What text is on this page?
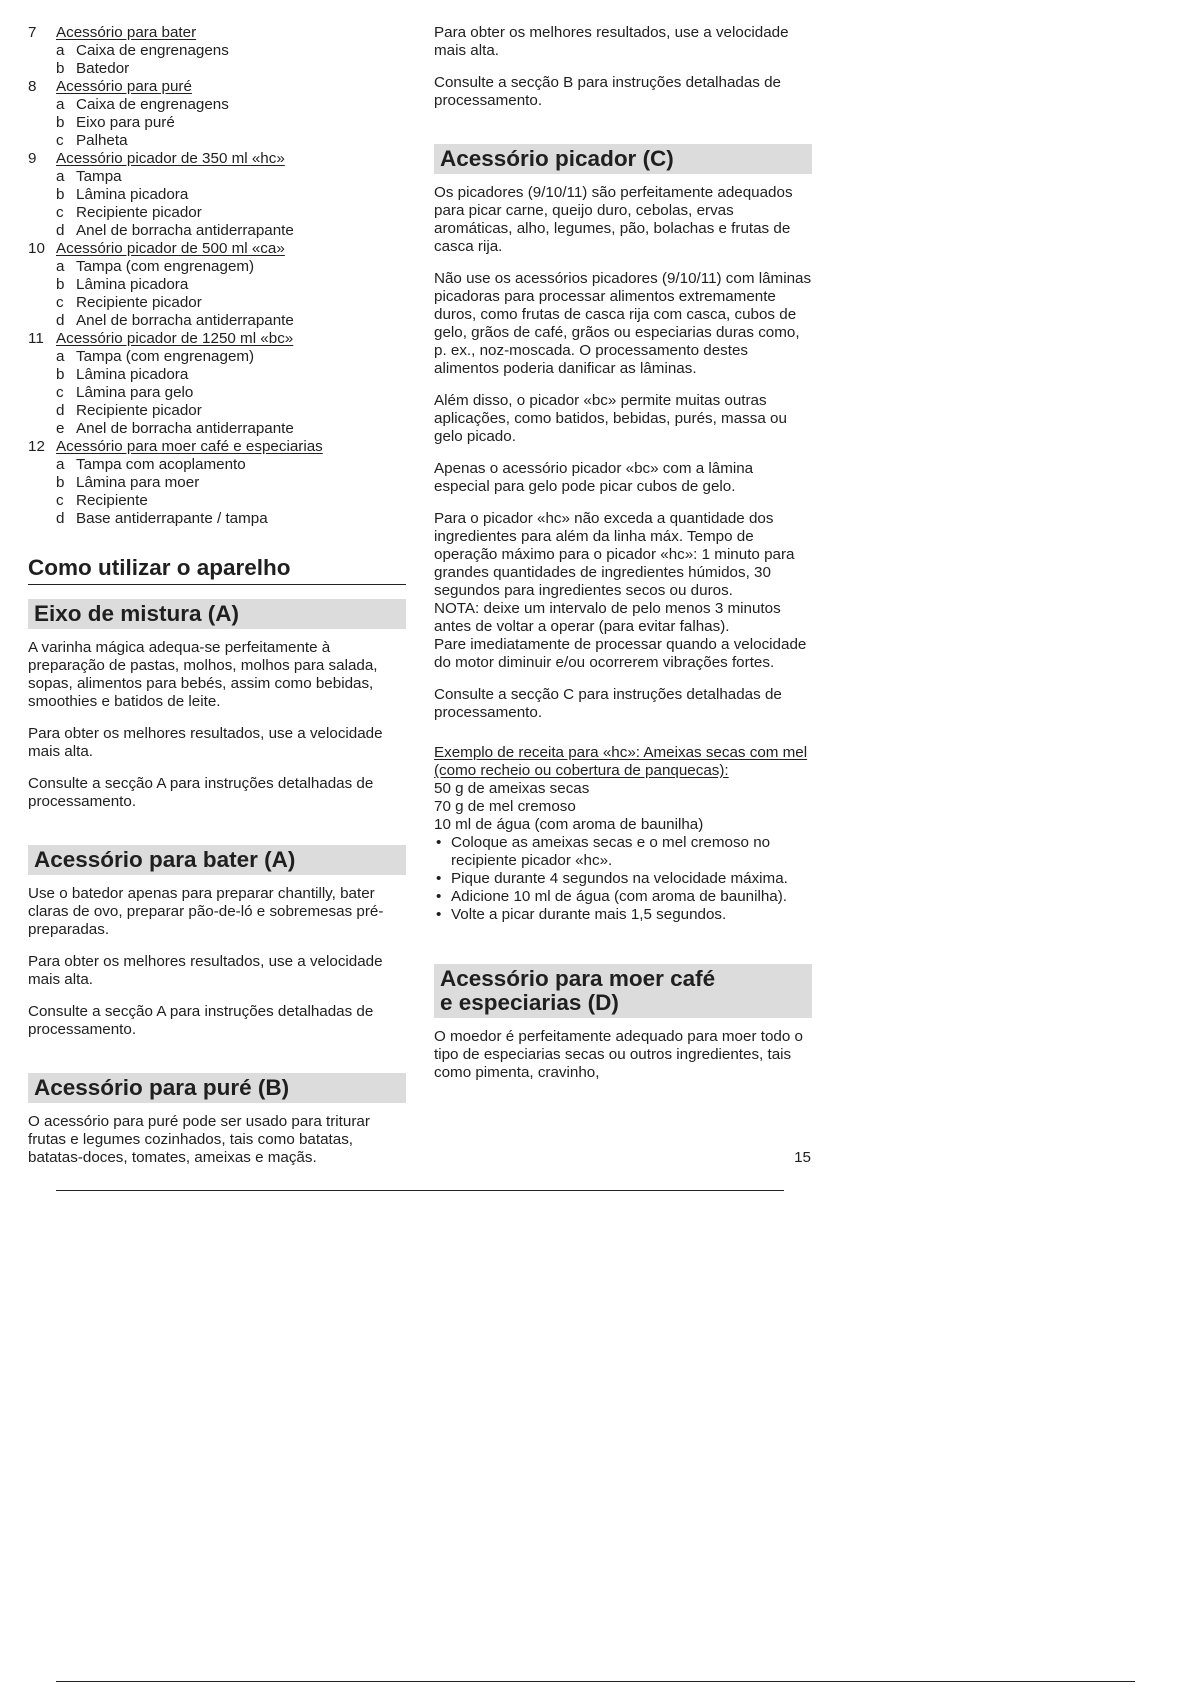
7	Acessório para bater
a Caixa de engrenagens
b Batedor
8	Acessório para puré
a Caixa de engrenagens
b Eixo para puré
c Palheta
9	Acessório picador de 350 ml «hc»
a Tampa
b Lâmina picadora
c Recipiente picador
d Anel de borracha antiderrapante
10 Acessório picador de 500 ml «ca»
a Tampa (com engrenagem)
b Lâmina picadora
c Recipiente picador
d Anel de borracha antiderrapante
11 Acessório picador de 1250 ml «bc»
a Tampa (com engrenagem)
b Lâmina picadora
c Lâmina para gelo
d Recipiente picador
e Anel de borracha antiderrapante
12 Acessório para moer café e especiarias
a Tampa com acoplamento
b Lâmina para moer
c Recipiente
d Base antiderrapante / tampa
Como utilizar o aparelho
Eixo de mistura (A)

A varinha mágica adequa-se perfeitamente à preparação de pastas, molhos, molhos para salada, sopas, alimentos para bebés, assim como bebidas, smoothies e batidos de leite.

Para obter os melhores resultados, use a velocidade mais alta.

Consulte a secção A para instruções detalhadas de processamento.

Acessório para bater (A)

Use o batedor apenas para preparar chantilly, bater claras de ovo, preparar pão-de-ló e sobremesas pré-preparadas.

Para obter os melhores resultados, use a velocidade mais alta.

Consulte a secção A para instruções detalhadas de processamento.

Acessório para puré (B)

O acessório para puré pode ser usado para triturar frutas e legumes cozinhados, tais como batatas, batatas-doces, tomates, ameixas e maçãs.

Para obter os melhores resultados, use a velocidade mais alta.

Consulte a secção B para instruções detalhadas de processamento.

Acessório picador (C)

Os picadores (9/10/11) são perfeitamente adequados para picar carne, queijo duro, cebolas, ervas aromáticas, alho, legumes, pão, bolachas e frutas de casca rija.

Não use os acessórios picadores (9/10/11) com lâminas picadoras para processar alimentos extremamente duros, como frutas de casca rija com casca, cubos de gelo, grãos de café, grãos ou especiarias duras como, p. ex., noz-moscada. O processamento destes alimentos poderia danificar as lâminas.

Além disso, o picador «bc» permite muitas outras aplicações, como batidos, bebidas, purés, massa ou gelo picado.

Apenas o acessório picador «bc» com a lâmina especial para gelo pode picar cubos de gelo.

Para o picador «hc» não exceda a quantidade dos ingredientes para além da linha máx. Tempo de operação máximo para o picador «hc»: 1 minuto para grandes quantidades de ingredientes húmidos, 30 segundos para ingredientes secos ou duros.
NOTA: deixe um intervalo de pelo menos 3 minutos antes de voltar a operar (para evitar falhas).
Pare imediatamente de processar quando a velocidade do motor diminuir e/ou ocorrerem vibrações fortes.

Consulte a secção C para instruções detalhadas de processamento.

Exemplo de receita para «hc»: Ameixas secas com mel (como recheio ou cobertura de panquecas):
50 g de ameixas secas
70 g de mel cremoso
10 ml de água (com aroma de baunilha)
• Coloque as ameixas secas e o mel cremoso no recipiente picador «hc».
• Pique durante 4 segundos na velocidade máxima.
• Adicione 10 ml de água (com aroma de baunilha).
• Volte a picar durante mais 1,5 segundos.
Acessório para moer café
e especiarias (D)

O moedor é perfeitamente adequado para moer todo o tipo de especiarias secas ou outros ingredientes, tais como pimenta, cravinho,

15
